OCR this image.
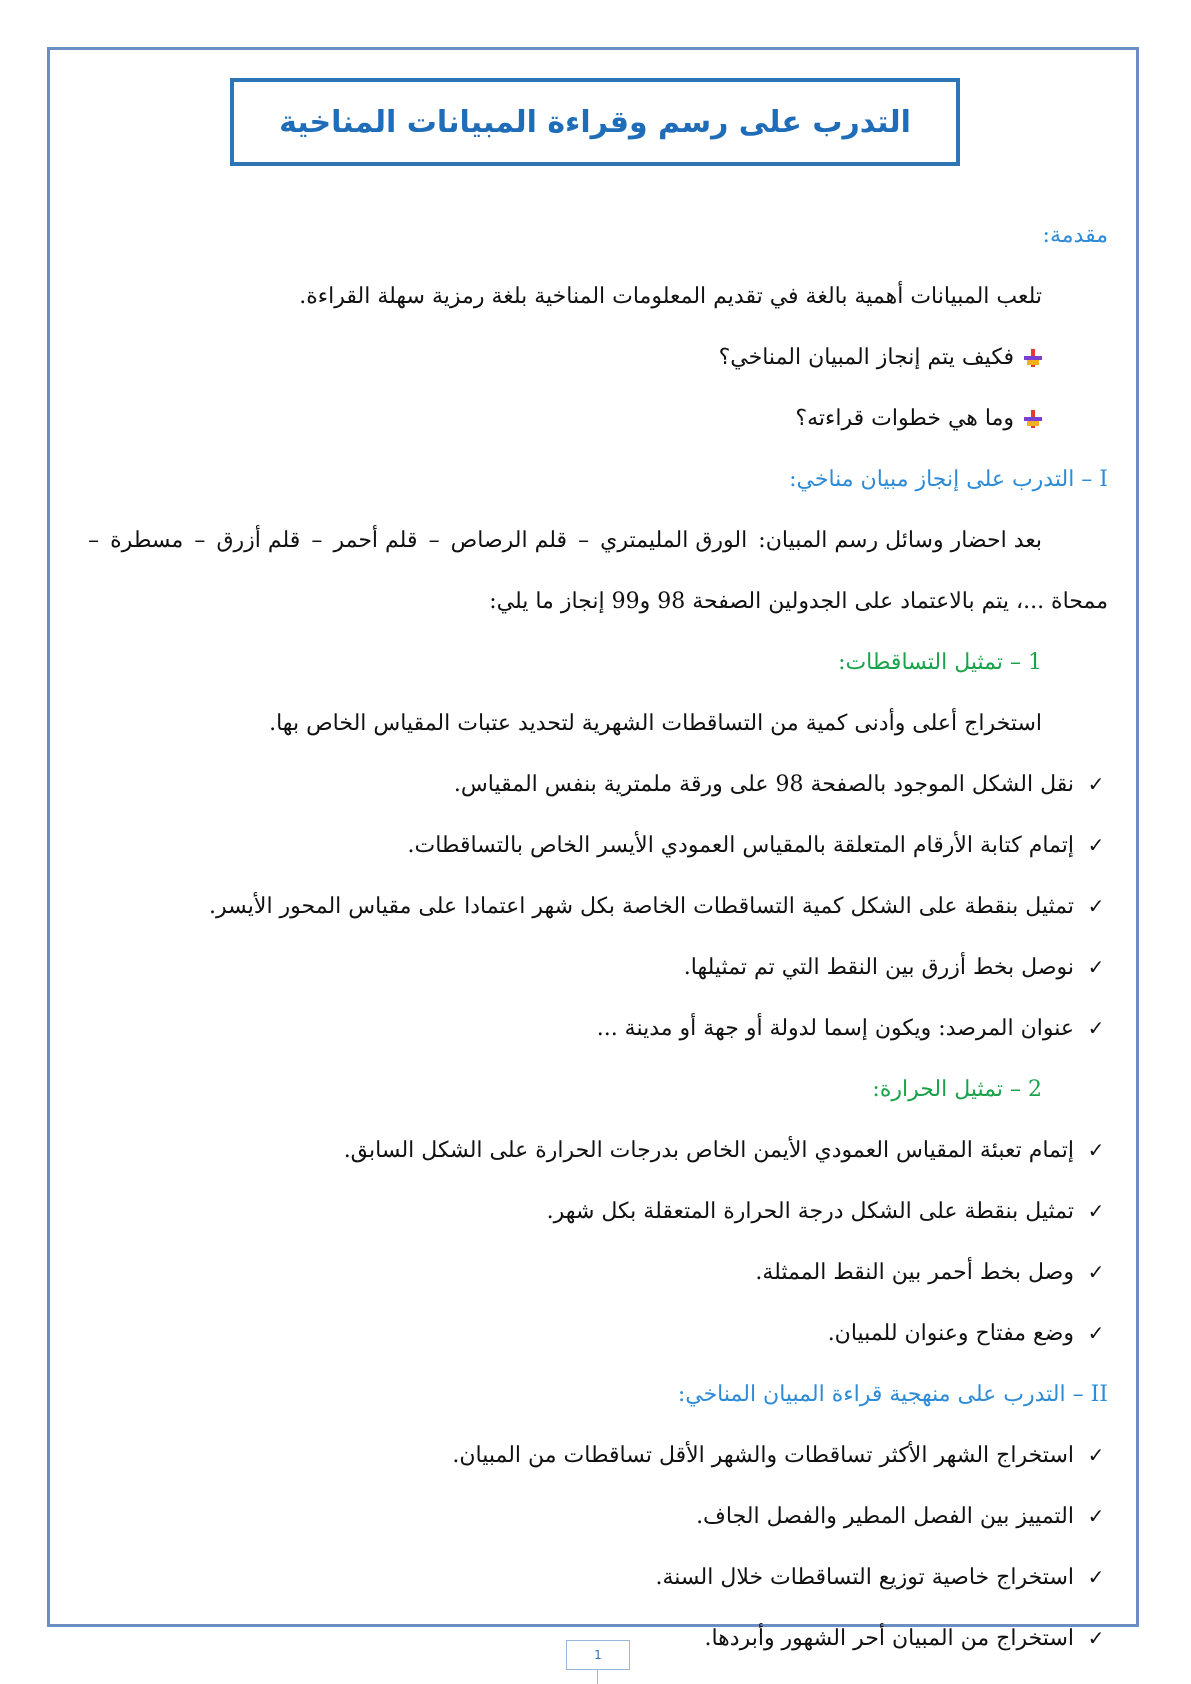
التدرب على رسم وقراءة المبيانات المناخية
مقدمة:
تلعب المبيانات أهمية بالغة في تقديم المعلومات المناخية بلغة رمزية سهلة القراءة.
فكيف يتم إنجاز المبيان المناخي؟
وما هي خطوات قراءته؟
I – التدرب على إنجاز مبيان مناخي:
بعد احضار وسائل رسم المبيان:
الورق المليمتري
–
قلم الرصاص
–
قلم أحمر
–
قلم أزرق
–
مسطرة
–
ممحاة ...، يتم بالاعتماد على الجدولين الصفحة 98 و99 إنجاز ما يلي:
1 – تمثيل التساقطات:
استخراج أعلى وأدنى كمية من التساقطات الشهرية لتحديد عتبات المقياس الخاص بها.
✓
نقل الشكل الموجود بالصفحة 98 على ورقة ملمترية بنفس المقياس.
✓
إتمام كتابة الأرقام المتعلقة بالمقياس العمودي الأيسر الخاص بالتساقطات.
✓
تمثيل بنقطة على الشكل كمية التساقطات الخاصة بكل شهر اعتمادا على مقياس المحور الأيسر.
✓
نوصل بخط أزرق بين النقط التي تم تمثيلها.
✓
عنوان المرصد: ويكون إسما لدولة أو جهة أو مدينة ...
2 – تمثيل الحرارة:
✓
إتمام تعبئة المقياس العمودي الأيمن الخاص بدرجات الحرارة على الشكل السابق.
✓
تمثيل بنقطة على الشكل درجة الحرارة المتعقلة بكل شهر.
✓
وصل بخط أحمر بين النقط الممثلة.
✓
وضع مفتاح وعنوان للمبيان.
II – التدرب على منهجية قراءة المبيان المناخي:
✓
استخراج الشهر الأكثر تساقطات والشهر الأقل تساقطات من المبيان.
✓
التمييز بين الفصل المطير والفصل الجاف.
✓
استخراج خاصية توزيع التساقطات خلال السنة.
✓
استخراج من المبيان أحر الشهور وأبردها.
1
